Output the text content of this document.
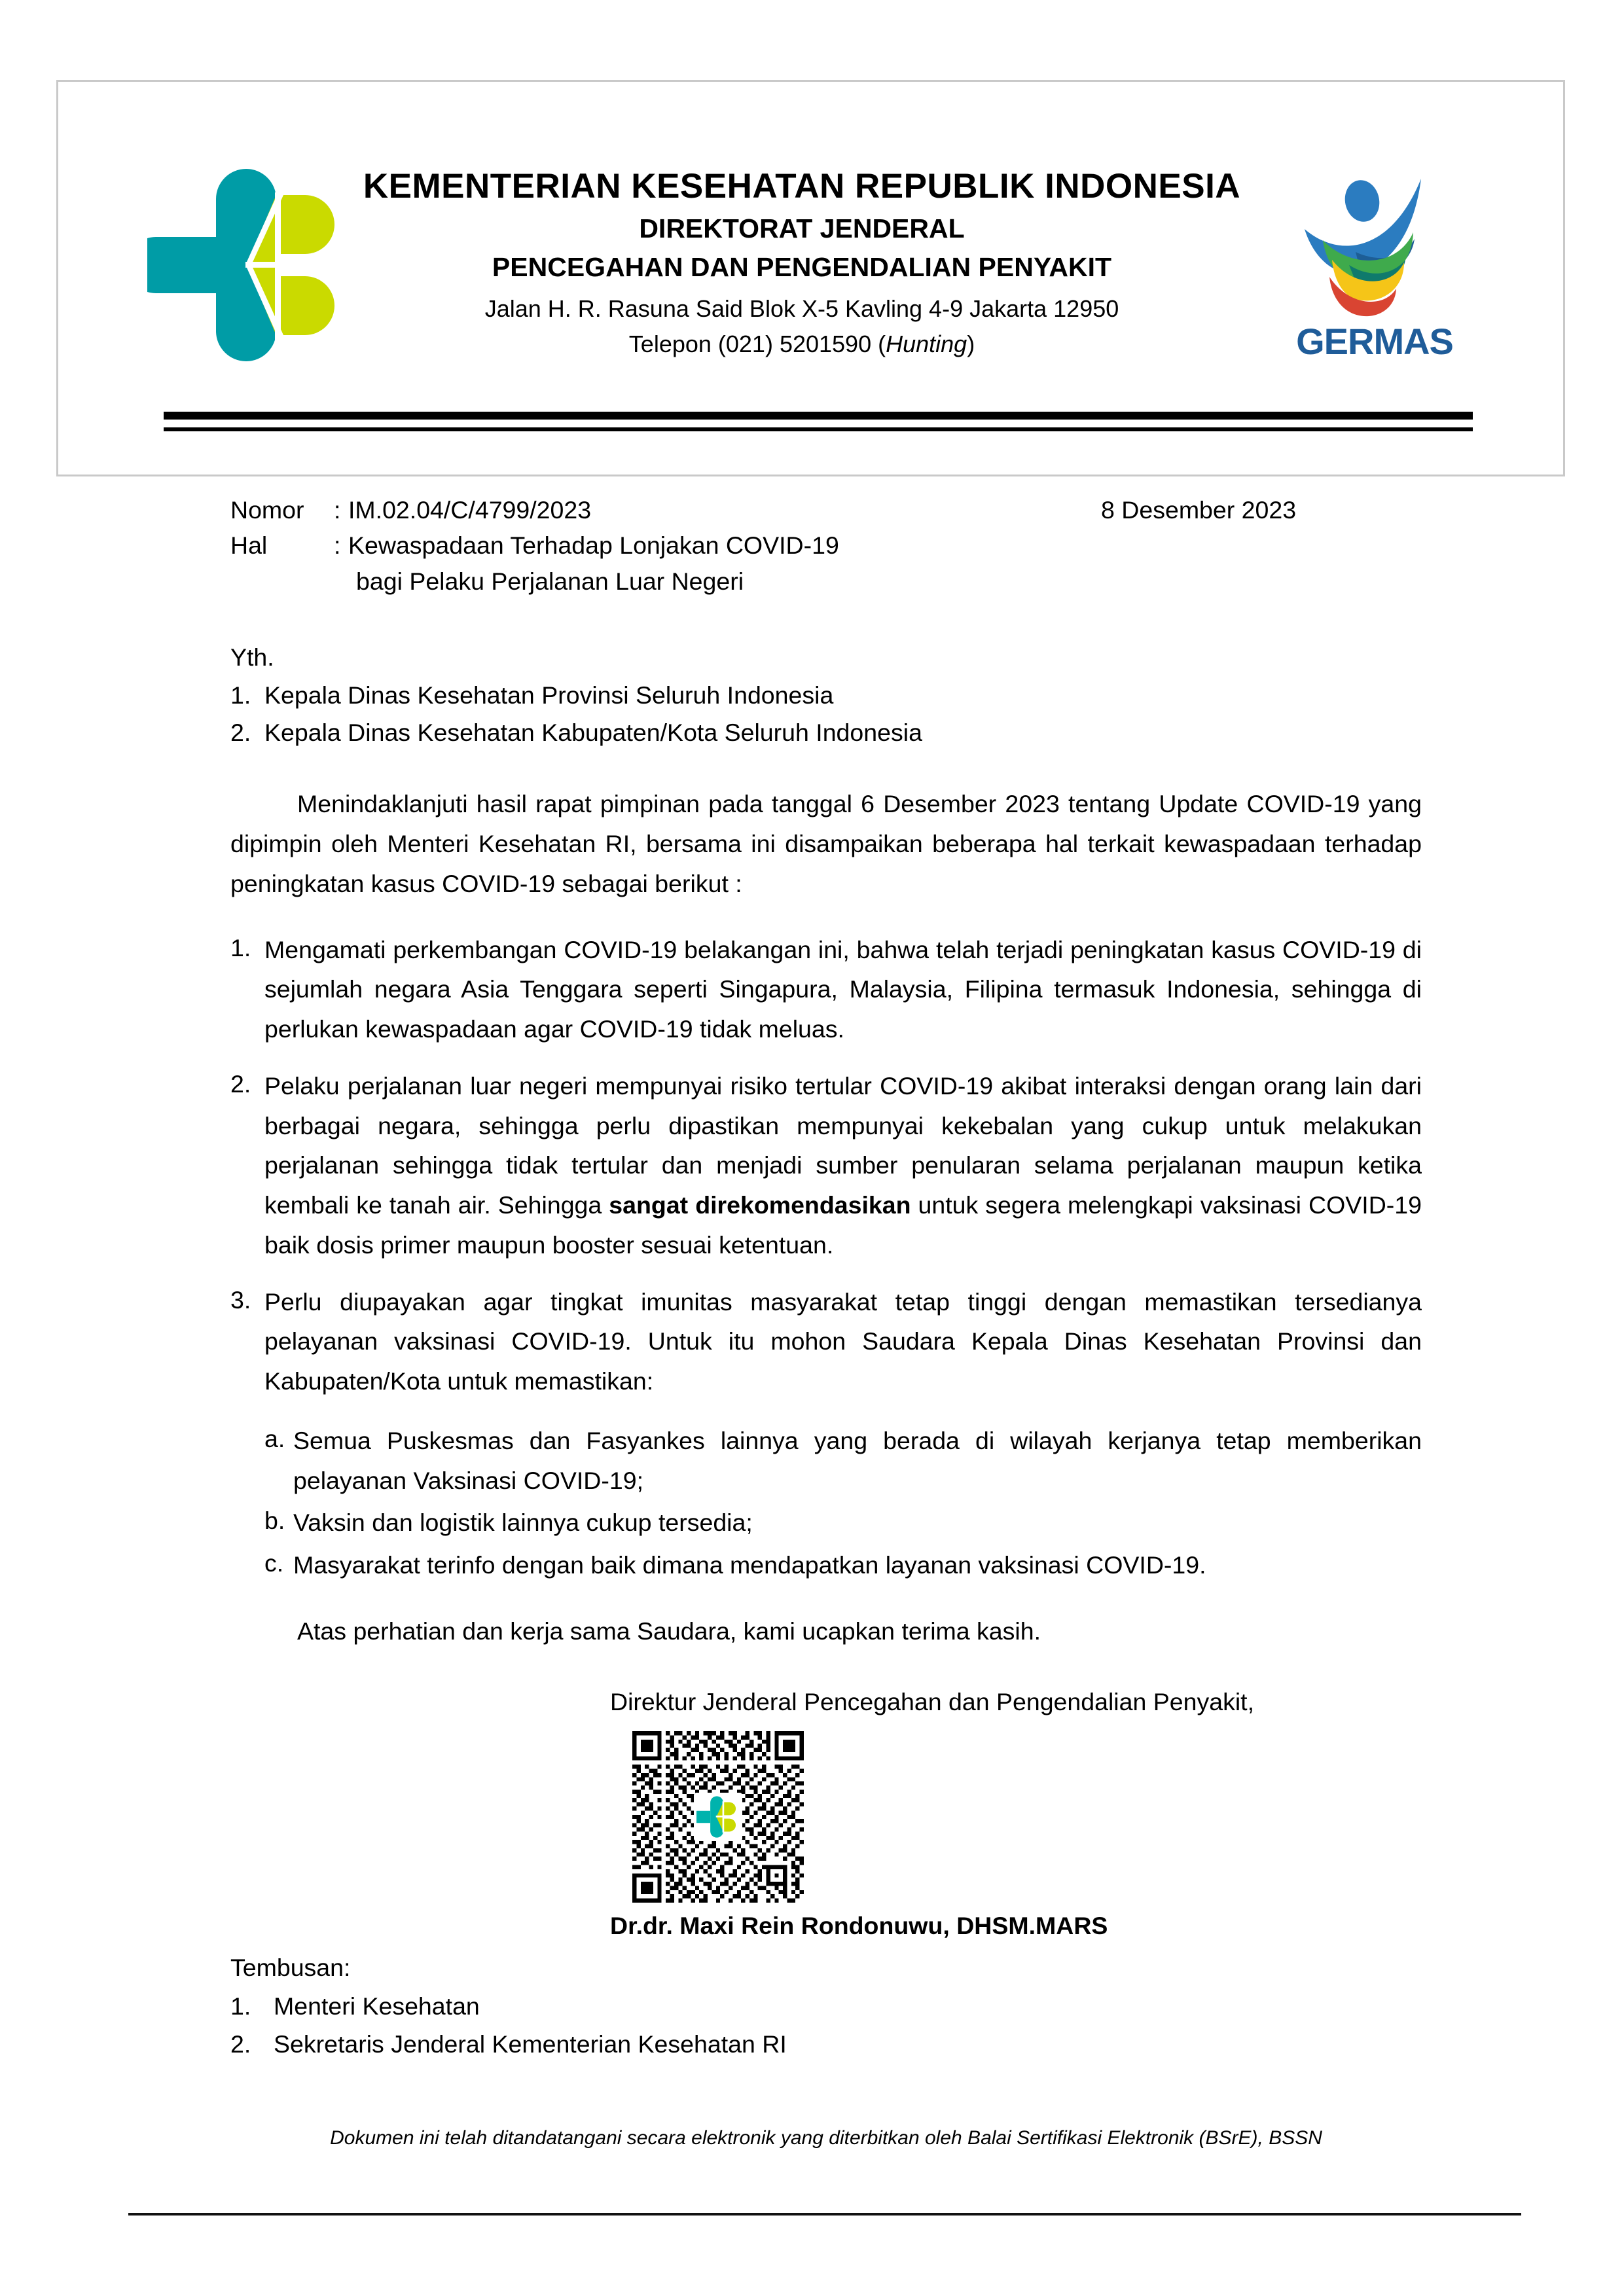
KEMENTERIAN KESEHATAN REPUBLIK INDONESIA
DIREKTORAT JENDERAL
PENCEGAHAN DAN PENGENDALIAN PENYAKIT
Jalan H. R. Rasuna Said Blok X-5 Kavling 4-9 Jakarta 12950
Telepon (021) 5201590 (Hunting)	GERMAS
Nomor	: IM.02.04/C/4799/2023
Hal	: Kewaspadaan Terhadap Lonjakan COVID-19
bagi Pelaku Perjalanan Luar Negeri
8 Desember 2023
Yth.
1. Kepala Dinas Kesehatan Provinsi Seluruh Indonesia
2. Kepala Dinas Kesehatan Kabupaten/Kota Seluruh Indonesia
Menindaklanjuti hasil rapat pimpinan pada tanggal 6 Desember 2023 tentang Update COVID-19 yang dipimpin oleh Menteri Kesehatan RI, bersama ini disampaikan beberapa hal terkait kewaspadaan terhadap peningkatan kasus COVID-19 sebagai berikut :
1. Mengamati perkembangan COVID-19 belakangan ini, bahwa telah terjadi peningkatan kasus COVID-19 di sejumlah negara Asia Tenggara seperti Singapura, Malaysia, Filipina termasuk Indonesia, sehingga di perlukan kewaspadaan agar COVID-19 tidak meluas.
2. Pelaku perjalanan luar negeri mempunyai risiko tertular COVID-19 akibat interaksi dengan orang lain dari berbagai negara, sehingga perlu dipastikan mempunyai kekebalan yang cukup untuk melakukan perjalanan sehingga tidak tertular dan menjadi sumber penularan selama perjalanan maupun ketika kembali ke tanah air. Sehingga sangat direkomendasikan untuk segera melengkapi vaksinasi COVID-19 baik dosis primer maupun booster sesuai ketentuan.
3. Perlu diupayakan agar tingkat imunitas masyarakat tetap tinggi dengan memastikan tersedianya pelayanan vaksinasi COVID-19. Untuk itu mohon Saudara Kepala Dinas Kesehatan Provinsi dan Kabupaten/Kota untuk memastikan:
a. Semua Puskesmas dan Fasyankes lainnya yang berada di wilayah kerjanya tetap memberikan pelayanan Vaksinasi COVID-19;
b. Vaksin dan logistik lainnya cukup tersedia;
c. Masyarakat terinfo dengan baik dimana mendapatkan layanan vaksinasi COVID-19.
Atas perhatian dan kerja sama Saudara, kami ucapkan terima kasih.
Direktur Jenderal Pencegahan dan Pengendalian Penyakit,
Dr.dr. Maxi Rein Rondonuwu, DHSM.MARS
Tembusan:
1. Menteri Kesehatan
2. Sekretaris Jenderal Kementerian Kesehatan RI
Dokumen ini telah ditandatangani secara elektronik yang diterbitkan oleh Balai Sertifikasi Elektronik (BSrE), BSSN
